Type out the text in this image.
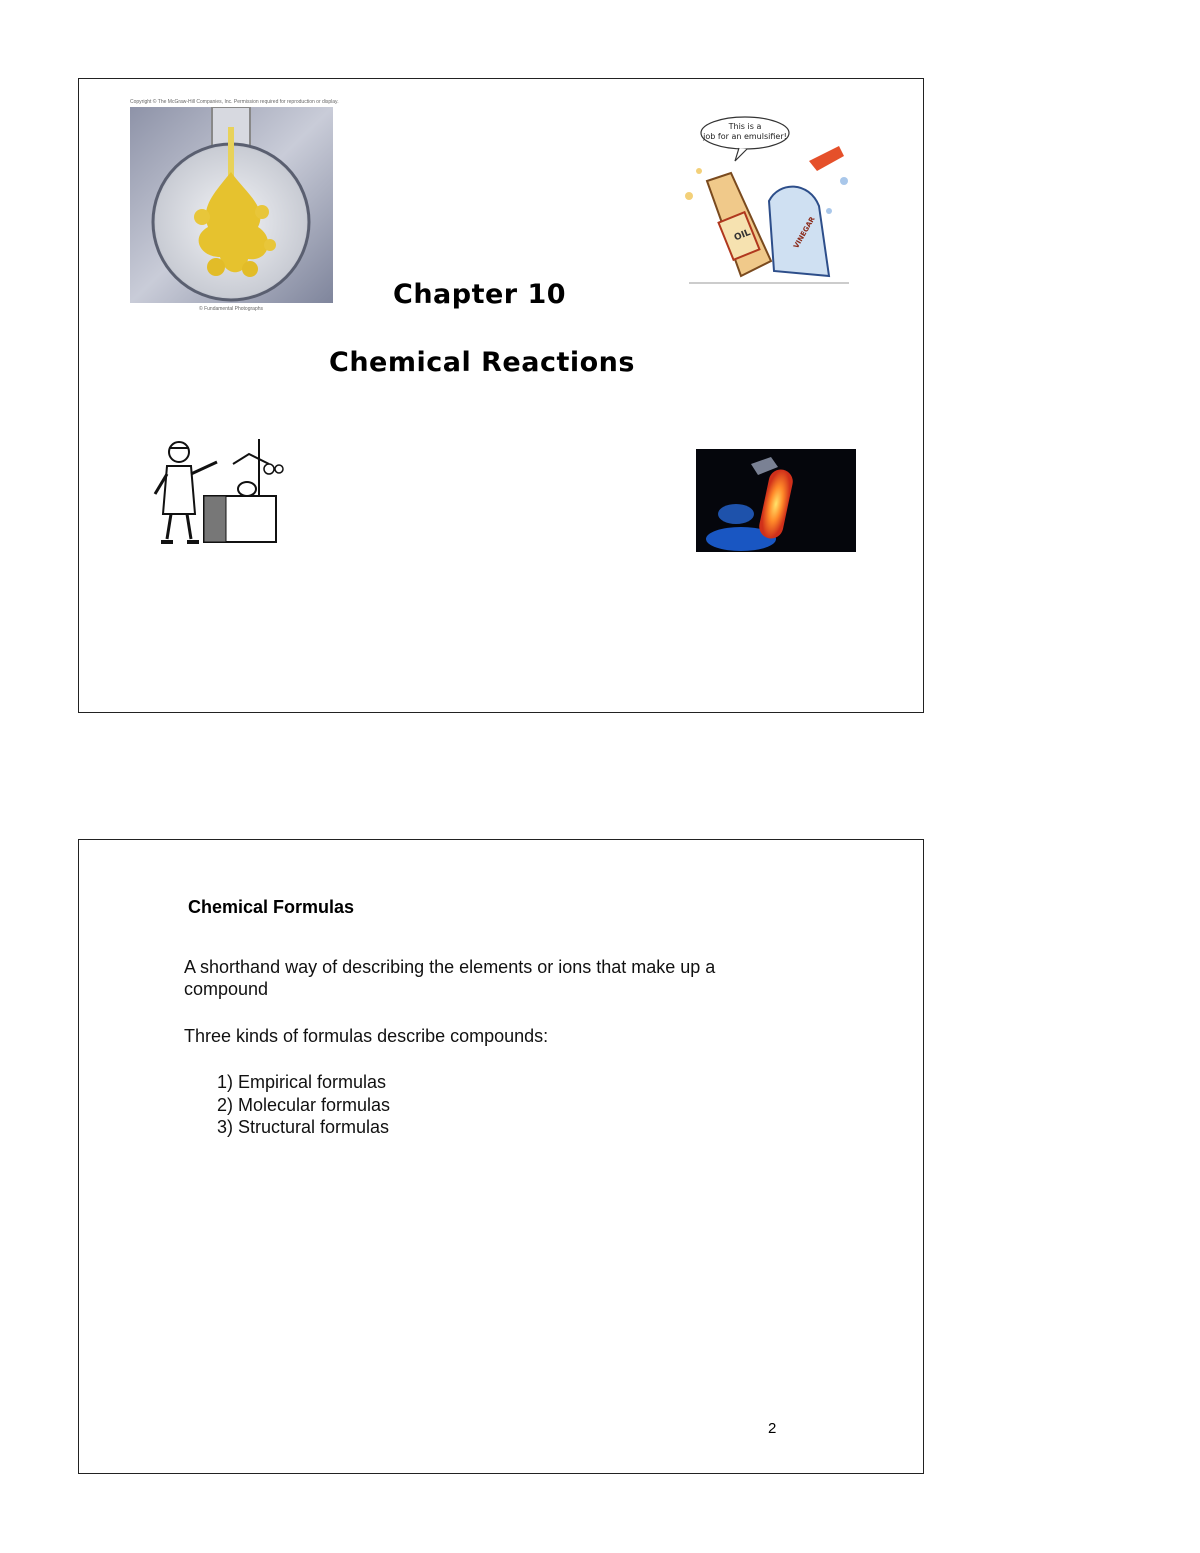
Copyright © The McGraw-Hill Companies, Inc. Permission required for reproduction or display.
© Fundamental Photographs
This is a
job for an emulsifier!
OIL	VINEGAR
Chapter 10
Chemical Reactions
Chemical Formulas
A shorthand way of describing the elements or ions that make up a compound
Three kinds of formulas describe compounds:
1) Empirical formulas
2) Molecular formulas
3) Structural formulas
2
